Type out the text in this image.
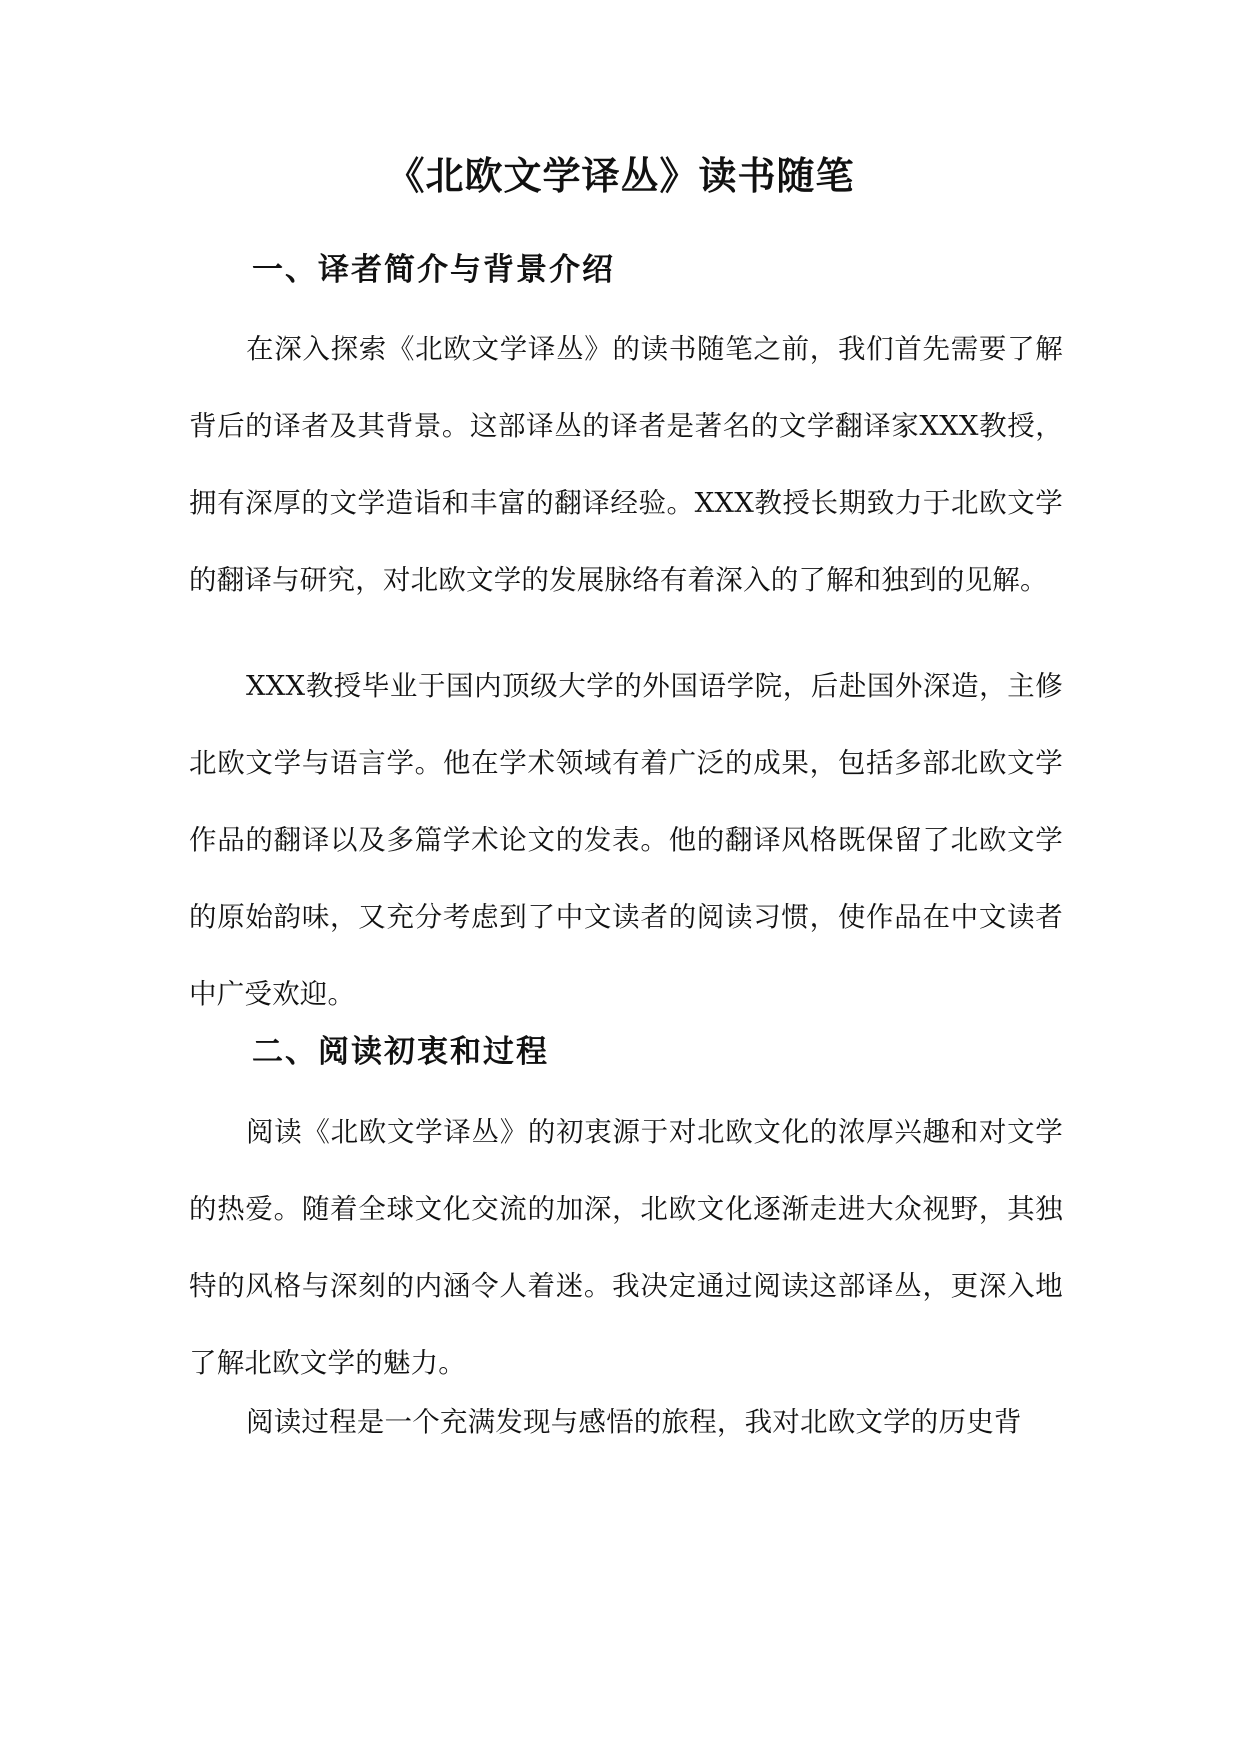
《北欧文学译丛》读书随笔
一、译者简介与背景介绍

在深入探索《北欧文学译丛》的读书随笔之前，我们首先需要了解背后的译者及其背景。这部译丛的译者是著名的文学翻译家XXX教授，拥有深厚的文学造诣和丰富的翻译经验。XXX教授长期致力于北欧文学的翻译与研究，对北欧文学的发展脉络有着深入的了解和独到的见解。

XXX教授毕业于国内顶级大学的外国语学院，后赴国外深造，主修北欧文学与语言学。他在学术领域有着广泛的成果，包括多部北欧文学作品的翻译以及多篇学术论文的发表。他的翻译风格既保留了北欧文学的原始韵味，又充分考虑到了中文读者的阅读习惯，使作品在中文读者中广受欢迎。

二、阅读初衷和过程

阅读《北欧文学译丛》的初衷源于对北欧文化的浓厚兴趣和对文学的热爱。随着全球文化交流的加深，北欧文化逐渐走进大众视野，其独特的风格与深刻的内涵令人着迷。我决定通过阅读这部译丛，更深入地了解北欧文学的魅力。

阅读过程是一个充满发现与感悟的旅程，我对北欧文学的历史背
